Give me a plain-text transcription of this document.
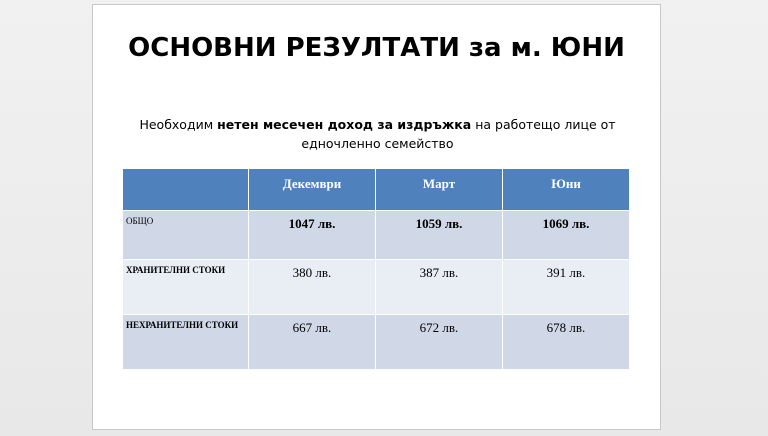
ОСНОВНИ РЕЗУЛТАТИ за м. ЮНИ
Необходим нетен месечен доход за издръжка на работещо лице от едночленно семейство
	Декември	Март	Юни
ОБЩО	1047 лв.	1059 лв.	1069 лв.
ХРАНИТЕЛНИ СТОКИ	380 лв.	387 лв.	391 лв.
НЕХРАНИТЕЛНИ СТОКИ	667 лв.	672 лв.	678 лв.
